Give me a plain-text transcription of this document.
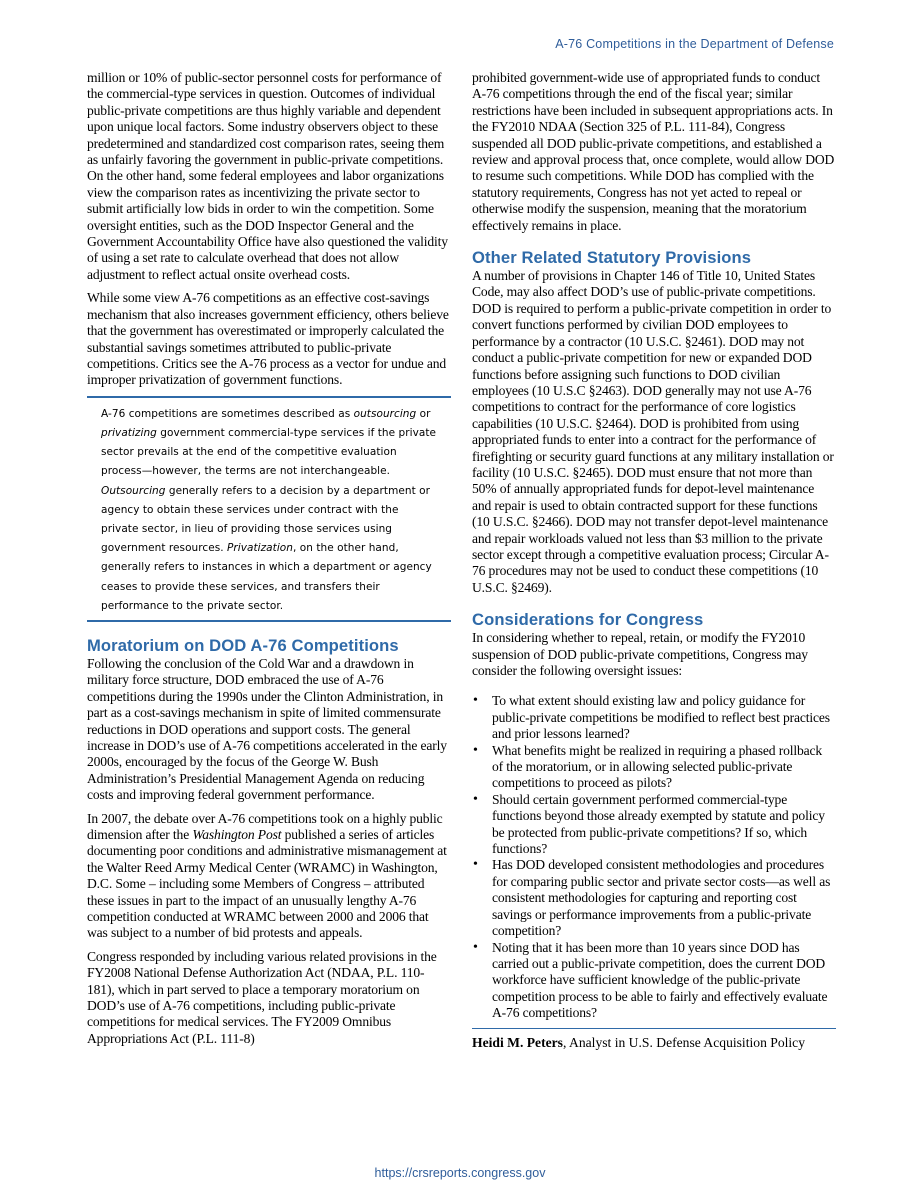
A-76 Competitions in the Department of Defense

million or 10% of public-sector personnel costs for performance of the commercial-type services in question. Outcomes of individual public-private competitions are thus highly variable and dependent upon unique local factors. Some industry observers object to these predetermined and standardized cost comparison rates, seeing them as unfairly favoring the government in public-private competitions. On the other hand, some federal employees and labor organizations view the comparison rates as incentivizing the private sector to submit artificially low bids in order to win the competition. Some oversight entities, such as the DOD Inspector General and the Government Accountability Office have also questioned the validity of using a set rate to calculate overhead that does not allow adjustment to reflect actual onsite overhead costs.

While some view A-76 competitions as an effective cost-savings mechanism that also increases government efficiency, others believe that the government has overestimated or improperly calculated the substantial savings sometimes attributed to public-private competitions. Critics see the A-76 process as a vector for undue and improper privatization of government functions.

A-76 competitions are sometimes described as outsourcing or privatizing government commercial-type services if the private sector prevails at the end of the competitive evaluation process—however, the terms are not interchangeable. Outsourcing generally refers to a decision by a department or agency to obtain these services under contract with the private sector, in lieu of providing those services using government resources. Privatization, on the other hand, generally refers to instances in which a department or agency ceases to provide these services, and transfers their performance to the private sector.
Moratorium on DOD A-76 Competitions

Following the conclusion of the Cold War and a drawdown in military force structure, DOD embraced the use of A-76 competitions during the 1990s under the Clinton Administration, in part as a cost-savings mechanism in spite of limited commensurate reductions in DOD operations and support costs. The general increase in DOD’s use of A-76 competitions accelerated in the early 2000s, encouraged by the focus of the George W. Bush Administration’s Presidential Management Agenda on reducing costs and improving federal government performance.

In 2007, the debate over A-76 competitions took on a highly public dimension after the Washington Post published a series of articles documenting poor conditions and administrative mismanagement at the Walter Reed Army Medical Center (WRAMC) in Washington, D.C. Some – including some Members of Congress – attributed these issues in part to the impact of an unusually lengthy A-76 competition conducted at WRAMC between 2000 and 2006 that was subject to a number of bid protests and appeals.

Congress responded by including various related provisions in the FY2008 National Defense Authorization Act (NDAA, P.L. 110-181), which in part served to place a temporary moratorium on DOD’s use of A-76 competitions, including public-private competitions for medical services. The FY2009 Omnibus Appropriations Act (P.L. 111-8)

prohibited government-wide use of appropriated funds to conduct A-76 competitions through the end of the fiscal year; similar restrictions have been included in subsequent appropriations acts. In the FY2010 NDAA (Section 325 of P.L. 111-84), Congress suspended all DOD public-private competitions, and established a review and approval process that, once complete, would allow DOD to resume such competitions. While DOD has complied with the statutory requirements, Congress has not yet acted to repeal or otherwise modify the suspension, meaning that the moratorium effectively remains in place.

Other Related Statutory Provisions

A number of provisions in Chapter 146 of Title 10, United States Code, may also affect DOD’s use of public-private competitions. DOD is required to perform a public-private competition in order to convert functions performed by civilian DOD employees to performance by a contractor (10 U.S.C. §2461). DOD may not conduct a public-private competition for new or expanded DOD functions before assigning such functions to DOD civilian employees (10 U.S.C §2463). DOD generally may not use A-76 competitions to contract for the performance of core logistics capabilities (10 U.S.C. §2464). DOD is prohibited from using appropriated funds to enter into a contract for the performance of firefighting or security guard functions at any military installation or facility (10 U.S.C. §2465). DOD must ensure that not more than 50% of annually appropriated funds for depot-level maintenance and repair is used to obtain contracted support for these functions (10 U.S.C. §2466). DOD may not transfer depot-level maintenance and repair workloads valued not less than $3 million to the private sector except through a competitive evaluation process; Circular A-76 procedures may not be used to conduct these competitions (10 U.S.C. §2469).

Considerations for Congress

In considering whether to repeal, retain, or modify the FY2010 suspension of DOD public-private competitions, Congress may consider the following oversight issues:

• To what extent should existing law and policy guidance for public-private competitions be modified to reflect best practices and prior lessons learned?
• What benefits might be realized in requiring a phased rollback of the moratorium, or in allowing selected public-private competitions to proceed as pilots?
• Should certain government performed commercial-type functions beyond those already exempted by statute and policy be protected from public-private competitions? If so, which functions?
• Has DOD developed consistent methodologies and procedures for comparing public sector and private sector costs—as well as consistent methodologies for capturing and reporting cost savings or performance improvements from a public-private competition?
• Noting that it has been more than 10 years since DOD has carried out a public-private competition, does the current DOD workforce have sufficient knowledge of the public-private competition process to be able to fairly and effectively evaluate A-76 competitions?
Heidi M. Peters, Analyst in U.S. Defense Acquisition Policy
https://crsreports.congress.gov
